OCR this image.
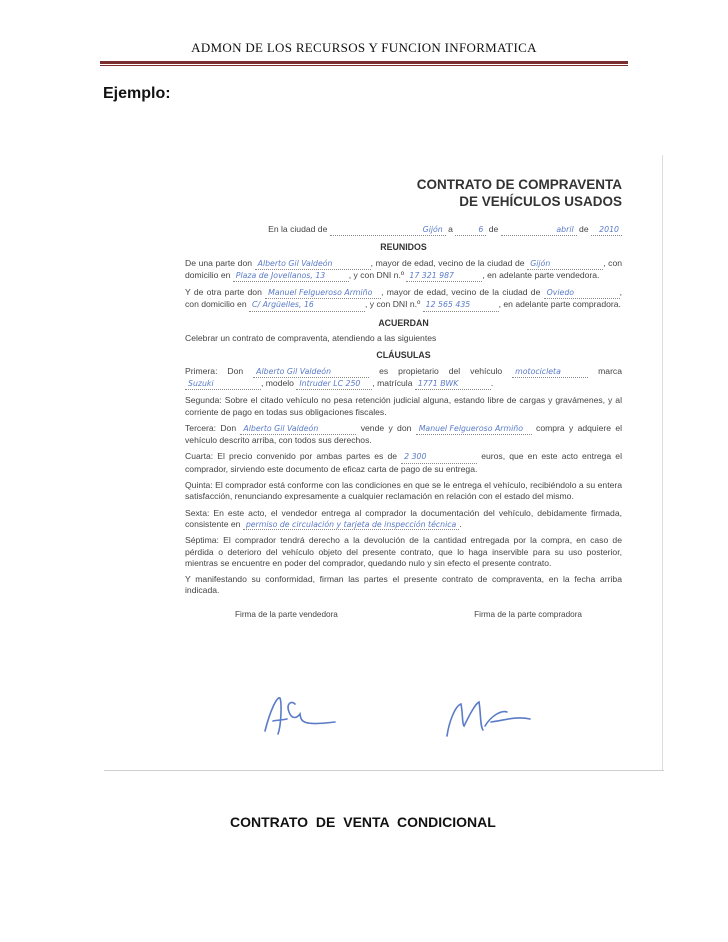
ADMON DE LOS RECURSOS Y FUNCION INFORMATICA
Ejemplo:
CONTRATO DE COMPRAVENTA
DE VEHÍCULOS USADOS
En la ciudad de	Gijón a	6 de	abril de 2010
REUNIDOS

De una parte don Alberto Gil Valdeón	, mayor de edad, vecino de la ciudad de Gijón	, con domicilio en Plaza de Jovellanos, 13	, y con DNI n.º 17 321 987	, en adelante parte vendedora.

Y de otra parte don Manuel Felgueroso Armiño , mayor de edad, vecino de la ciudad de Oviedo	, con domicilio en C/ Argüelles, 16	, y con DNI n.º 12 565 435	, en adelante parte compradora.

ACUERDAN

Celebrar un contrato de compraventa, atendiendo a las siguientes

CLÁUSULAS

Primera: Don Alberto Gil Valdeón	es propietario del vehículo motocicleta	marca Suzuki	, modelo Intruder LC 250 , matrícula 1771 BWK	.

Segunda: Sobre el citado vehículo no pesa retención judicial alguna, estando libre de cargas y gravámenes, y al corriente de pago en todas sus obligaciones fiscales.

Tercera: Don Alberto Gil Valdeón	vende y don Manuel Felgueroso Armiño compra y adquiere el vehículo descrito arriba, con todos sus derechos.

Cuarta: El precio convenido por ambas partes es de 2 300	euros, que en este acto entrega el comprador, sirviendo este documento de eficaz carta de pago de su entrega.

Quinta: El comprador está conforme con las condiciones en que se le entrega el vehículo, recibiéndolo a su entera satisfacción, renunciando expresamente a cualquier reclamación en relación con el estado del mismo.

Sexta: En este acto, el vendedor entrega al comprador la documentación del vehículo, debidamente firmada, consistente en permiso de circulación y tarjeta de inspección técnica .

Séptima: El comprador tendrá derecho a la devolución de la cantidad entregada por la compra, en caso de pérdida o deterioro del vehículo objeto del presente contrato, que lo haga inservible para su uso posterior, mientras se encuentre en poder del comprador, quedando nulo y sin efecto el presente contrato.

Y manifestando su conformidad, firman las partes el presente contrato de compraventa, en la fecha arriba indicada.

Firma de la parte vendedora	Firma de la parte compradora
CONTRATO DE VENTA CONDICIONAL
